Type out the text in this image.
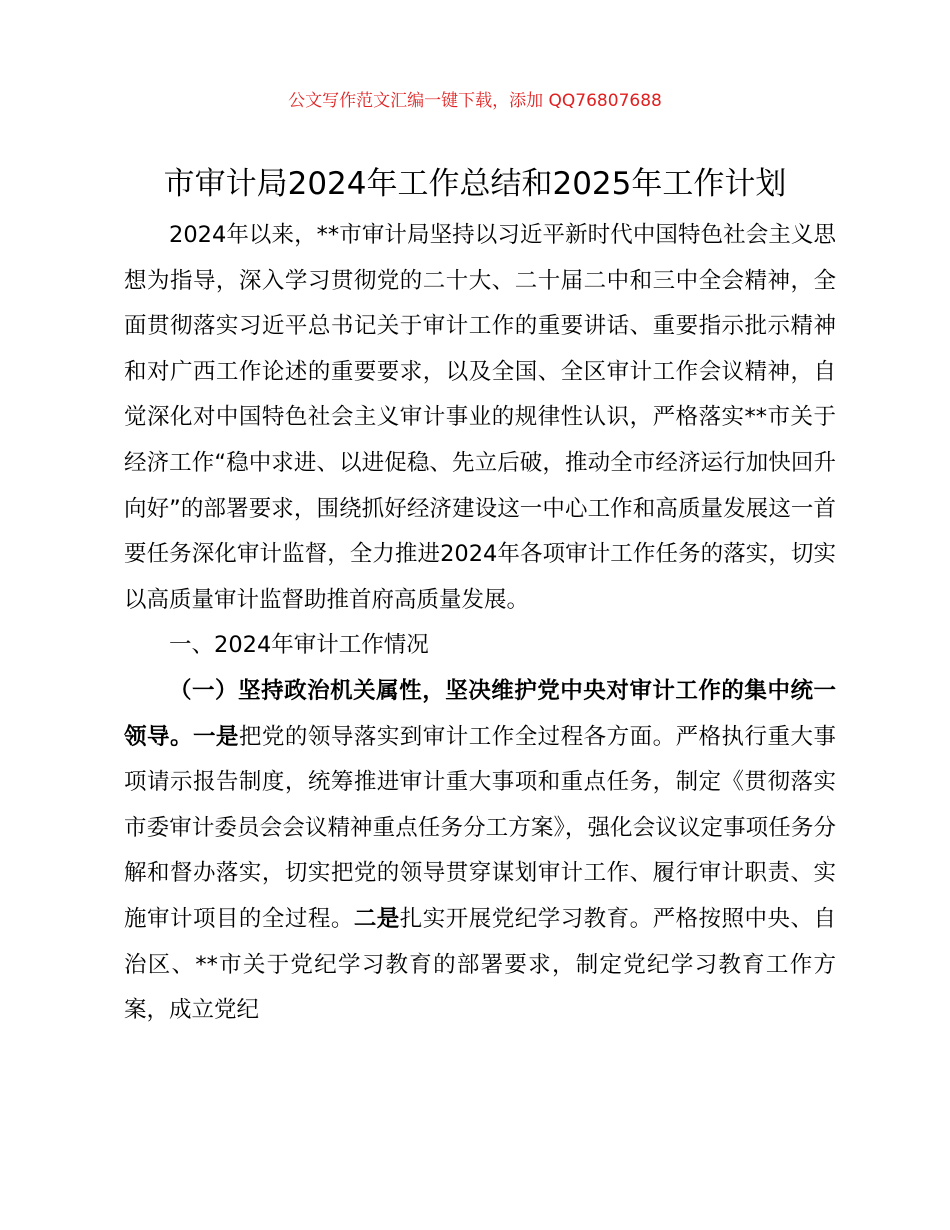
公文写作范文汇编一键下载，添加 QQ76807688
市审计局2024年工作总结和2025年工作计划

2024年以来，**市审计局坚持以习近平新时代中国特色社会主义思想为指导，深入学习贯彻党的二十大、二十届二中和三中全会精神，全面贯彻落实习近平总书记关于审计工作的重要讲话、重要指示批示精神和对广西工作论述的重要要求，以及全国、全区审计工作会议精神，自觉深化对中国特色社会主义审计事业的规律性认识，严格落实**市关于经济工作“稳中求进、以进促稳、先立后破，推动全市经济运行加快回升向好”的部署要求，围绕抓好经济建设这一中心工作和高质量发展这一首要任务深化审计监督，全力推进2024年各项审计工作任务的落实，切实以高质量审计监督助推首府高质量发展。

一、2024年审计工作情况

（一）坚持政治机关属性，坚决维护党中央对审计工作的集中统一领导。一是把党的领导落实到审计工作全过程各方面。严格执行重大事项请示报告制度，统筹推进审计重大事项和重点任务，制定《贯彻落实市委审计委员会会议精神重点任务分工方案》，强化会议议定事项任务分解和督办落实，切实把党的领导贯穿谋划审计工作、履行审计职责、实施审计项目的全过程。二是扎实开展党纪学习教育。严格按照中央、自治区、**市关于党纪学习教育的部署要求，制定党纪学习教育工作方案，成立党纪
